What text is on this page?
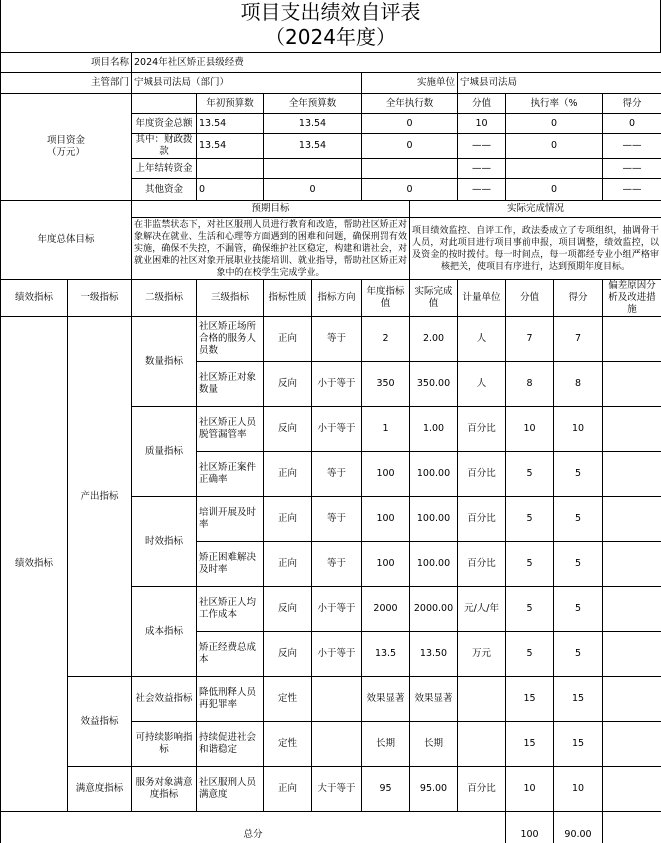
项目支出绩效自评表
（2024年度）
项目名称		2024年社区矫正县级经费									
主管部门		宁城县司法局（部门）				实施单位		宁城县司法局			
项目资金
（万元）			年初预算数	全年预算数		全年执行数		分值	执行率（%		得分
		年度资金总额	13.54	13.54		0		10	0		0
		其中：财政拨款	13.54	13.54		0		——	0		——
		上年结转资金						——			——
		其他资金	0	0		0		——	0		——
年度总体目标		预期目标					实际完成情况				
		在非监禁状态下，对社区服刑人员进行教育和改造，帮助社区矫正对象解决在就业、生活和心理等方面遇到的困难和问题，确保刑罚有效实施，确保不失控，不漏管，确保维护社区稳定，构建和谐社会，对就业困难的社区对象开展职业技能培训、就业指导，帮助社区矫正对象中的在校学生完成学业。					项目绩效监控、自评工作，政法委成立了专项组织，抽调骨干人员，对此项目进行项目事前申报，项目调整，绩效监控，以及资金的按时拨付。每一时间点，每一项都经专业小组严格审核把关，使项目有序进行，达到预期年度目标。				
绩效指标	一级指标	二级指标	三级指标	指标性质	指标方向	年度指标值	实际完成值	计量单位	分值	得分	偏差原因分析及改进措施
绩效指标	产出指标	数量指标	社区矫正场所合格的服务人员数	正向	等于	2	2.00	人	7	7	
			社区矫正对象数量	反向	小于等于	350	350.00	人	8	8	
		质量指标	社区矫正人员脱管漏管率	反向	小于等于	1	1.00	百分比	10	10	
			社区矫正案件正确率	正向	等于	100	100.00	百分比	5	5	
		时效指标	培训开展及时率	正向	等于	100	100.00	百分比	5	5	
			矫正困难解决及时率	正向	等于	100	100.00	百分比	5	5	
		成本指标	社区矫正人均工作成本	反向	小于等于	2000	2000.00	元/人/年	5	5	
			矫正经费总成本	反向	小于等于	13.5	13.50	万元	5	5	
	效益指标	社会效益指标	降低刑释人员再犯罪率	定性		效果显著	效果显著		15	15	
		可持续影响指标	持续促进社会和谐稳定	定性		长期	长期		15	15	
	满意度指标	服务对象满意度指标	社区服刑人员满意度	正向	大于等于	95	95.00	百分比	10	10	
总分									100	90.00	
